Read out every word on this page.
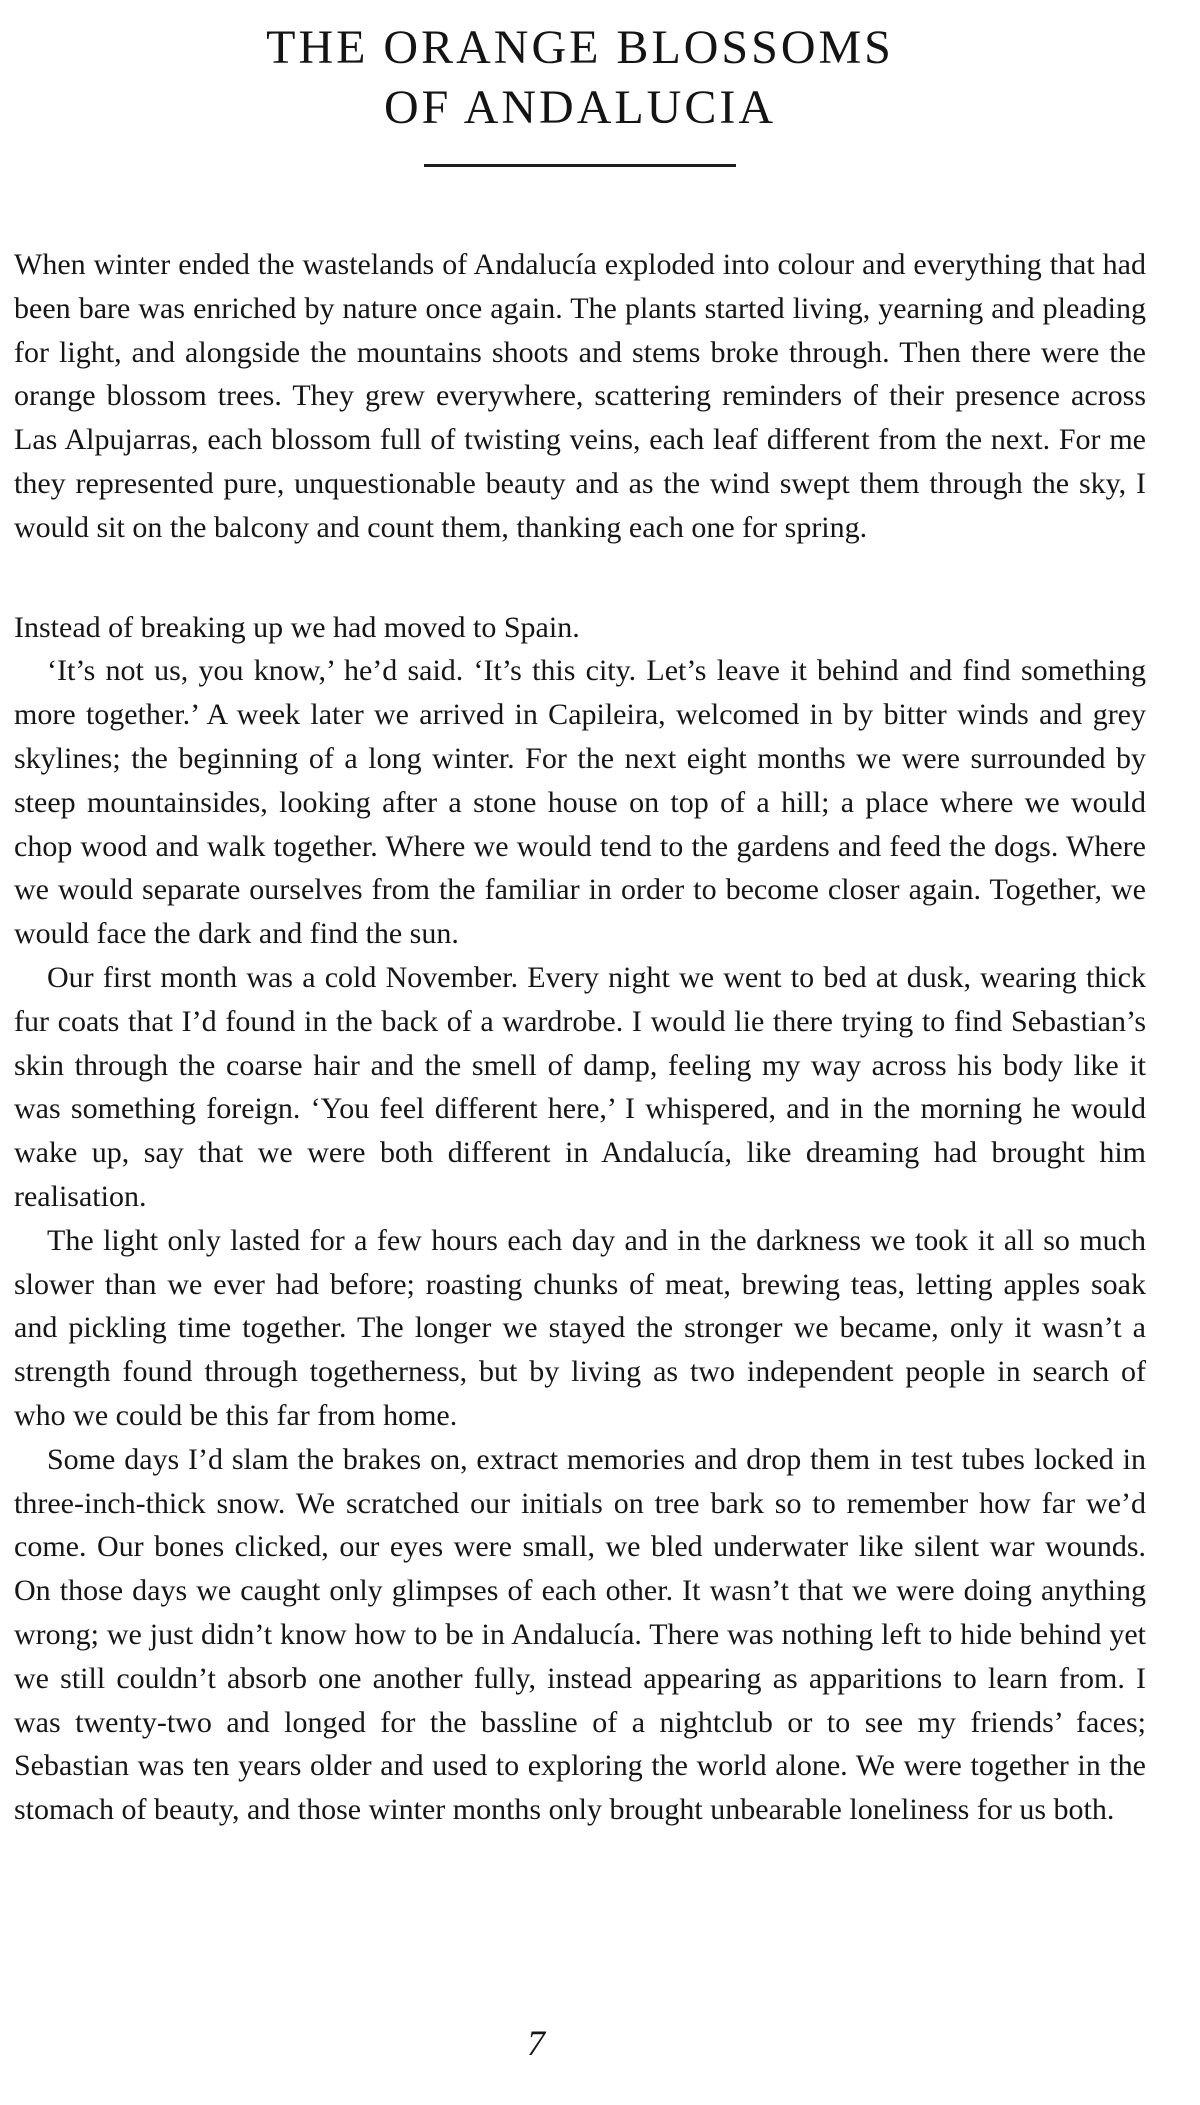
THE ORANGE BLOSSOMS
OF ANDALUCIA

When winter ended the wastelands of Andalucía exploded into colour and everything that had been bare was enriched by nature once again. The plants started living, yearning and pleading for light, and alongside the mountains shoots and stems broke through. Then there were the orange blossom trees. They grew everywhere, scattering reminders of their presence across Las Alpujarras, each blossom full of twisting veins, each leaf different from the next. For me they represented pure, unquestionable beauty and as the wind swept them through the sky, I would sit on the balcony and count them, thanking each one for spring.

Instead of breaking up we had moved to Spain.

‘It’s not us, you know,’ he’d said. ‘It’s this city. Let’s leave it behind and find something more together.’ A week later we arrived in Capileira, welcomed in by bitter winds and grey skylines; the beginning of a long winter. For the next eight months we were surrounded by steep mountainsides, looking after a stone house on top of a hill; a place where we would chop wood and walk together. Where we would tend to the gardens and feed the dogs. Where we would separate ourselves from the familiar in order to become closer again. Together, we would face the dark and find the sun.

Our first month was a cold November. Every night we went to bed at dusk, wearing thick fur coats that I’d found in the back of a wardrobe. I would lie there trying to find Sebastian’s skin through the coarse hair and the smell of damp, feeling my way across his body like it was something foreign. ‘You feel different here,’ I whispered, and in the morning he would wake up, say that we were both different in Andalucía, like dreaming had brought him realisation.

The light only lasted for a few hours each day and in the darkness we took it all so much slower than we ever had before; roasting chunks of meat, brewing teas, letting apples soak and pickling time together. The longer we stayed the stronger we became, only it wasn’t a strength found through togetherness, but by living as two independent people in search of who we could be this far from home.

Some days I’d slam the brakes on, extract memories and drop them in test tubes locked in three-inch-thick snow. We scratched our initials on tree bark so to remember how far we’d come. Our bones clicked, our eyes were small, we bled underwater like silent war wounds. On those days we caught only glimpses of each other. It wasn’t that we were doing anything wrong; we just didn’t know how to be in Andalucía. There was nothing left to hide behind yet we still couldn’t absorb one another fully, instead appearing as apparitions to learn from. I was twenty-two and longed for the bassline of a nightclub or to see my friends’ faces; Sebastian was ten years older and used to exploring the world alone. We were together in the stomach of beauty, and those winter months only brought unbearable loneliness for us both.

7
